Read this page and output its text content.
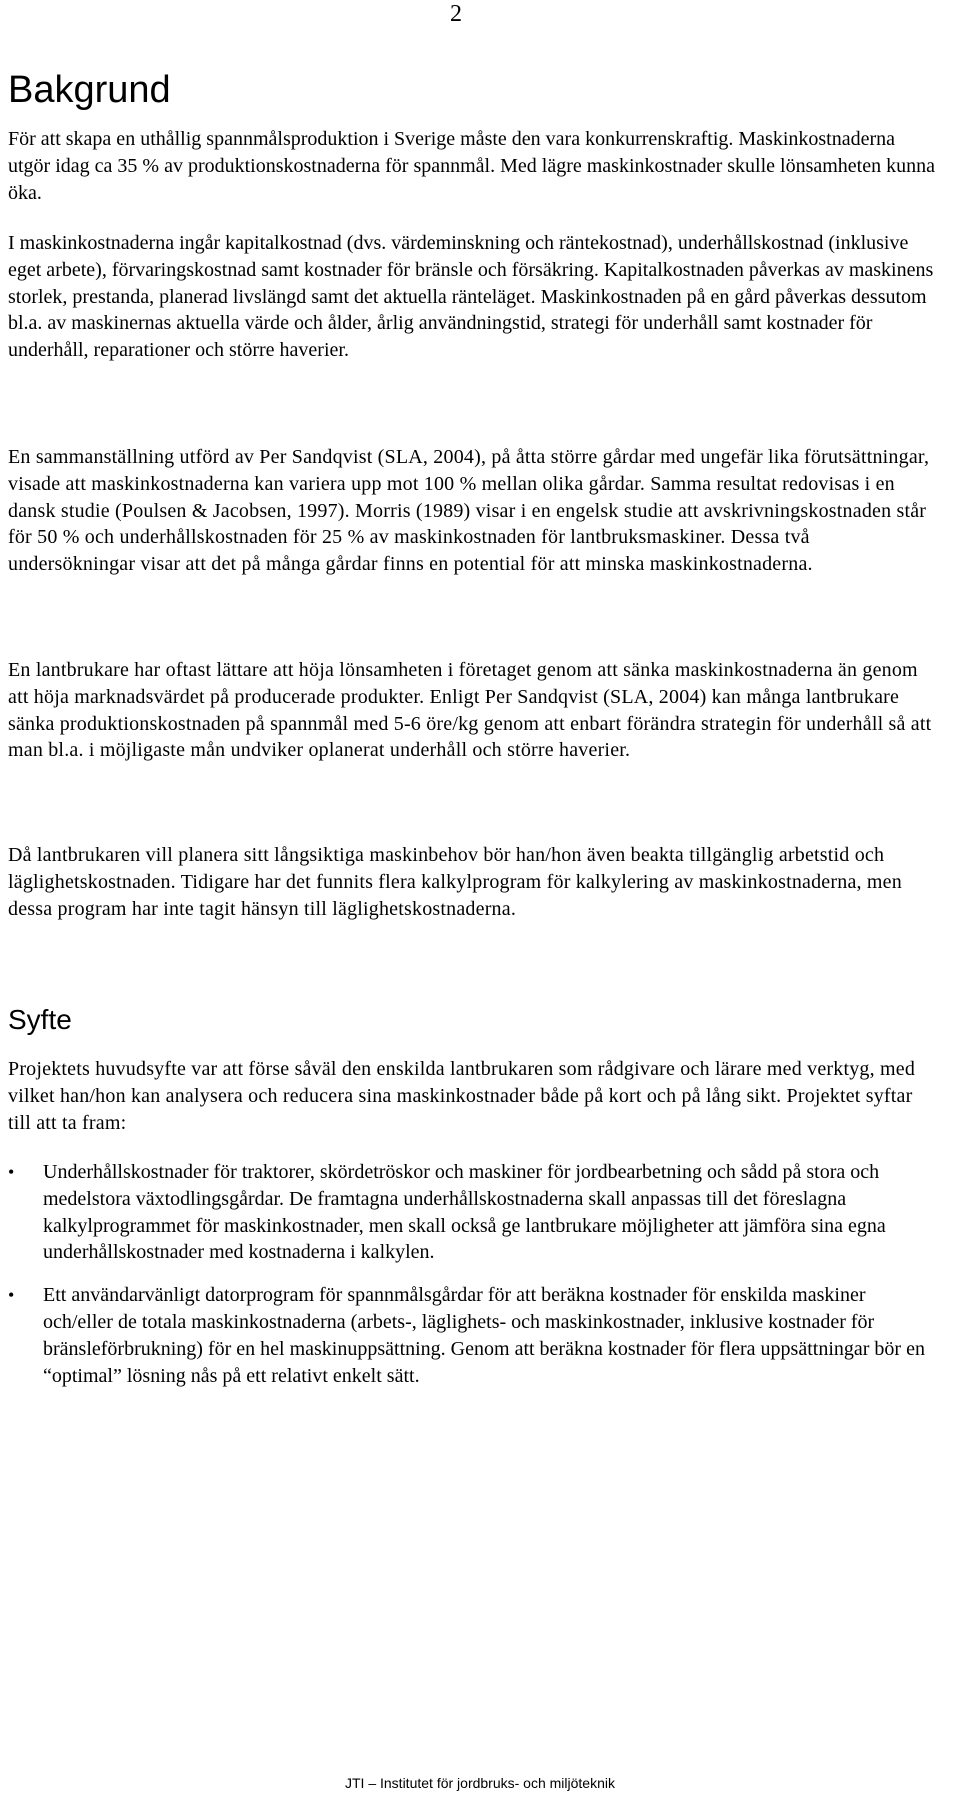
2
Bakgrund

För att skapa en uthållig spannmålsproduktion i Sverige måste den vara konkurrenskraftig. Maskinkostnaderna utgör idag ca 35 % av produktionskostnaderna för spannmål. Med lägre maskinkostnader skulle lönsamheten kunna öka.

I maskinkostnaderna ingår kapitalkostnad (dvs. värdeminskning och räntekostnad), underhållskostnad (inklusive eget arbete), förvaringskostnad samt kostnader för bränsle och försäkring. Kapitalkostnaden påverkas av maskinens storlek, prestanda, planerad livslängd samt det aktuella ränteläget. Maskinkostnaden på en gård påverkas dessutom bl.a. av maskinernas aktuella värde och ålder, årlig användningstid, strategi för underhåll samt kostnader för underhåll, reparationer och större haverier.

En sammanställning utförd av Per Sandqvist (SLA, 2004), på åtta större gårdar med ungefär lika förutsättningar, visade att maskinkostnaderna kan variera upp mot 100 % mellan olika gårdar. Samma resultat redovisas i en dansk studie (Poulsen & Jacobsen, 1997). Morris (1989) visar i en engelsk studie att avskrivningskostnaden står för 50 % och underhållskostnaden för 25 % av maskinkostnaden för lantbruksmaskiner. Dessa två undersökningar visar att det på många gårdar finns en potential för att minska maskinkostnaderna.

En lantbrukare har oftast lättare att höja lönsamheten i företaget genom att sänka maskinkostnaderna än genom att höja marknadsvärdet på producerade produkter. Enligt Per Sandqvist (SLA, 2004) kan många lantbrukare sänka produktionskostnaden på spannmål med 5-6 öre/kg genom att enbart förändra strategin för underhåll så att man bl.a. i möjligaste mån undviker oplanerat underhåll och större haverier.

Då lantbrukaren vill planera sitt långsiktiga maskinbehov bör han/hon även beakta tillgänglig arbetstid och läglighetskostnaden. Tidigare har det funnits flera kalkylprogram för kalkylering av maskinkostnaderna, men dessa program har inte tagit hänsyn till läglighetskostnaderna.

Syfte

Projektets huvudsyfte var att förse såväl den enskilda lantbrukaren som rådgivare och lärare med verktyg, med vilket han/hon kan analysera och reducera sina maskinkostnader både på kort och på lång sikt. Projektet syftar till att ta fram:

• Underhållskostnader för traktorer, skördetröskor och maskiner för jordbearbetning och sådd på stora och medelstora växtodlingsgårdar. De framtagna underhållskostnaderna skall anpassas till det föreslagna kalkylprogrammet för maskinkostnader, men skall också ge lantbrukare möjligheter att jämföra sina egna underhållskostnader med kostnaderna i kalkylen.
• Ett användarvänligt datorprogram för spannmålsgårdar för att beräkna kostnader för enskilda maskiner och/eller de totala maskinkostnaderna (arbets-, läglighets- och maskinkostnader, inklusive kostnader för bränsleförbrukning) för en hel maskinuppsättning. Genom att beräkna kostnader för flera uppsättningar bör en “optimal” lösning nås på ett relativt enkelt sätt.
JTI – Institutet för jordbruks- och miljöteknik
